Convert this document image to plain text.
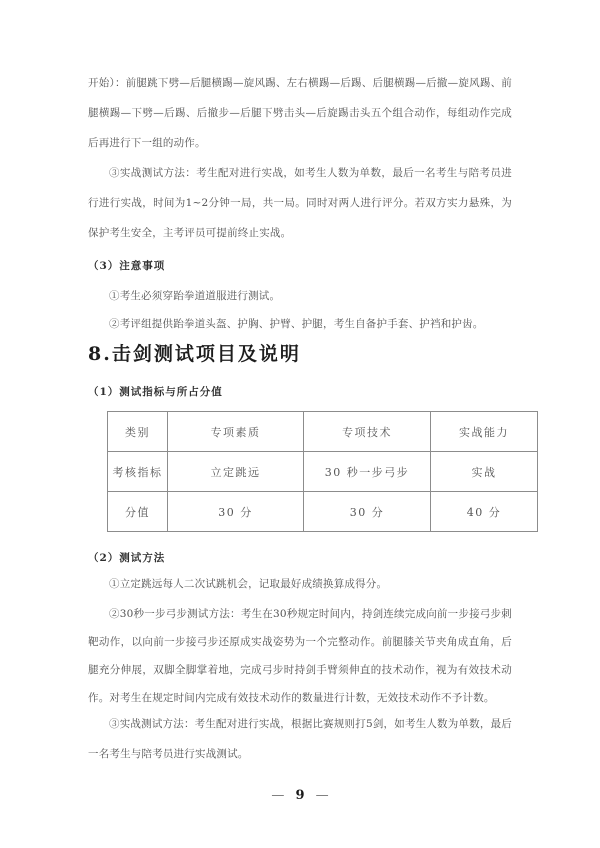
开始）：前腿跳下劈—后腿横踢—旋风踢、左右横踢—后踢、后腿横踢—后撤—旋风踢、前腿横踢—下劈—后踢、后撤步—后腿下劈击头—后旋踢击头五个组合动作，每组动作完成后再进行下一组的动作。
③实战测试方法：考生配对进行实战，如考生人数为单数，最后一名考生与陪考员进行进行实战，时间为1~2分钟一局，共一局。同时对两人进行评分。若双方实力悬殊，为保护考生安全，主考评员可提前终止实战。
（3）注意事项
①考生必须穿跆拳道道服进行测试。
②考评组提供跆拳道头盔、护胸、护臂、护腿，考生自备护手套、护裆和护齿。
8.击剑测试项目及说明
（1）测试指标与所占分值
类别	专项素质	专项技术	实战能力
考核指标	立定跳远	30 秒一步弓步	实战
分值	30 分	30 分	40 分
（2）测试方法
①立定跳远每人二次试跳机会，记取最好成绩换算成得分。
②30秒一步弓步测试方法：考生在30秒规定时间内，持剑连续完成向前一步接弓步刺靶动作，以向前一步接弓步还原成实战姿势为一个完整动作。前腿膝关节夹角成直角，后腿充分伸展，双脚全脚掌着地，完成弓步时持剑手臂须伸直的技术动作，视为有效技术动作。对考生在规定时间内完成有效技术动作的数量进行计数，无效技术动作不予计数。
③实战测试方法：考生配对进行实战，根据比赛规则打5剑，如考生人数为单数，最后一名考生与陪考员进行实战测试。
— 9 —
